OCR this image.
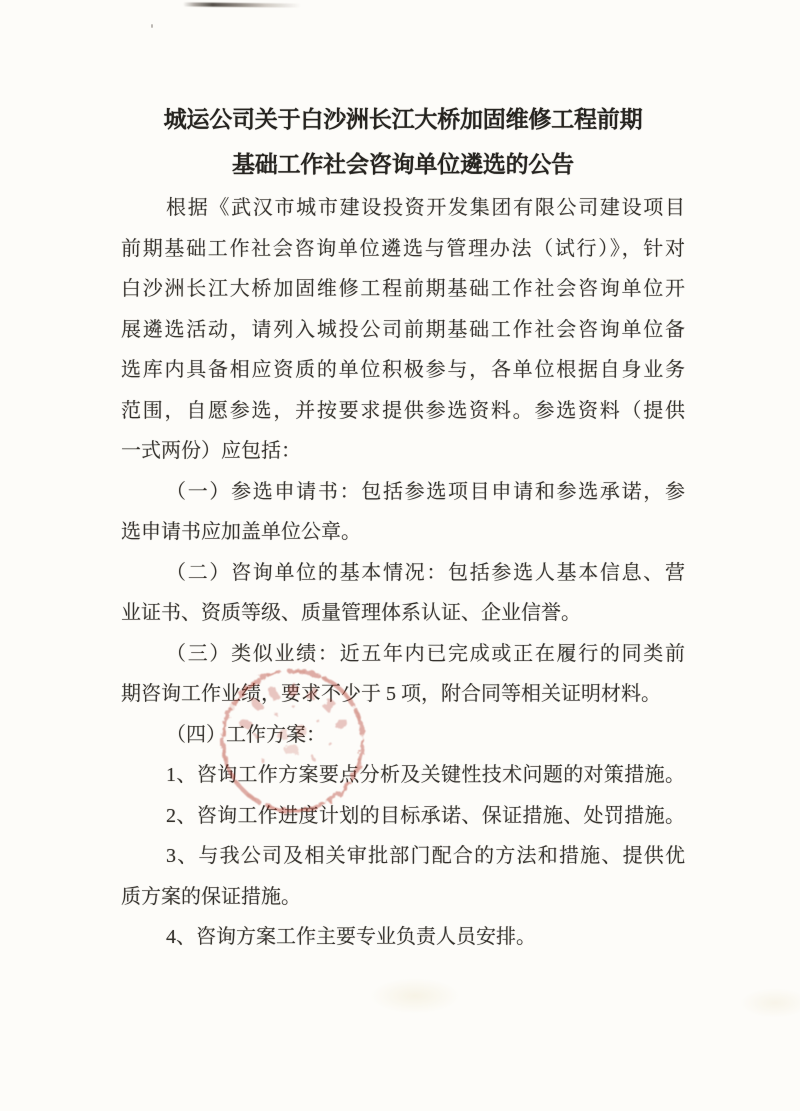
城运公司关于白沙洲长江大桥加固维修工程前期
基础工作社会咨询单位遴选的公告
根据《武汉市城市建设投资开发集团有限公司建设项目
前期基础工作社会咨询单位遴选与管理办法（试行）》，针对
白沙洲长江大桥加固维修工程前期基础工作社会咨询单位开
展遴选活动，请列入城投公司前期基础工作社会咨询单位备
选库内具备相应资质的单位积极参与，各单位根据自身业务
范围，自愿参选，并按要求提供参选资料。参选资料（提供
一式两份）应包括：
（一）参选申请书：包括参选项目申请和参选承诺，参
选申请书应加盖单位公章。
（二）咨询单位的基本情况：包括参选人基本信息、营
业证书、资质等级、质量管理体系认证、企业信誉。
（三）类似业绩：近五年内已完成或正在履行的同类前
期咨询工作业绩，要求不少于 5 项，附合同等相关证明材料。
（四）工作方案：
1、咨询工作方案要点分析及关键性技术问题的对策措施。
2、咨询工作进度计划的目标承诺、保证措施、处罚措施。
3、与我公司及相关审批部门配合的方法和措施、提供优
质方案的保证措施。
4、咨询方案工作主要专业负责人员安排。
